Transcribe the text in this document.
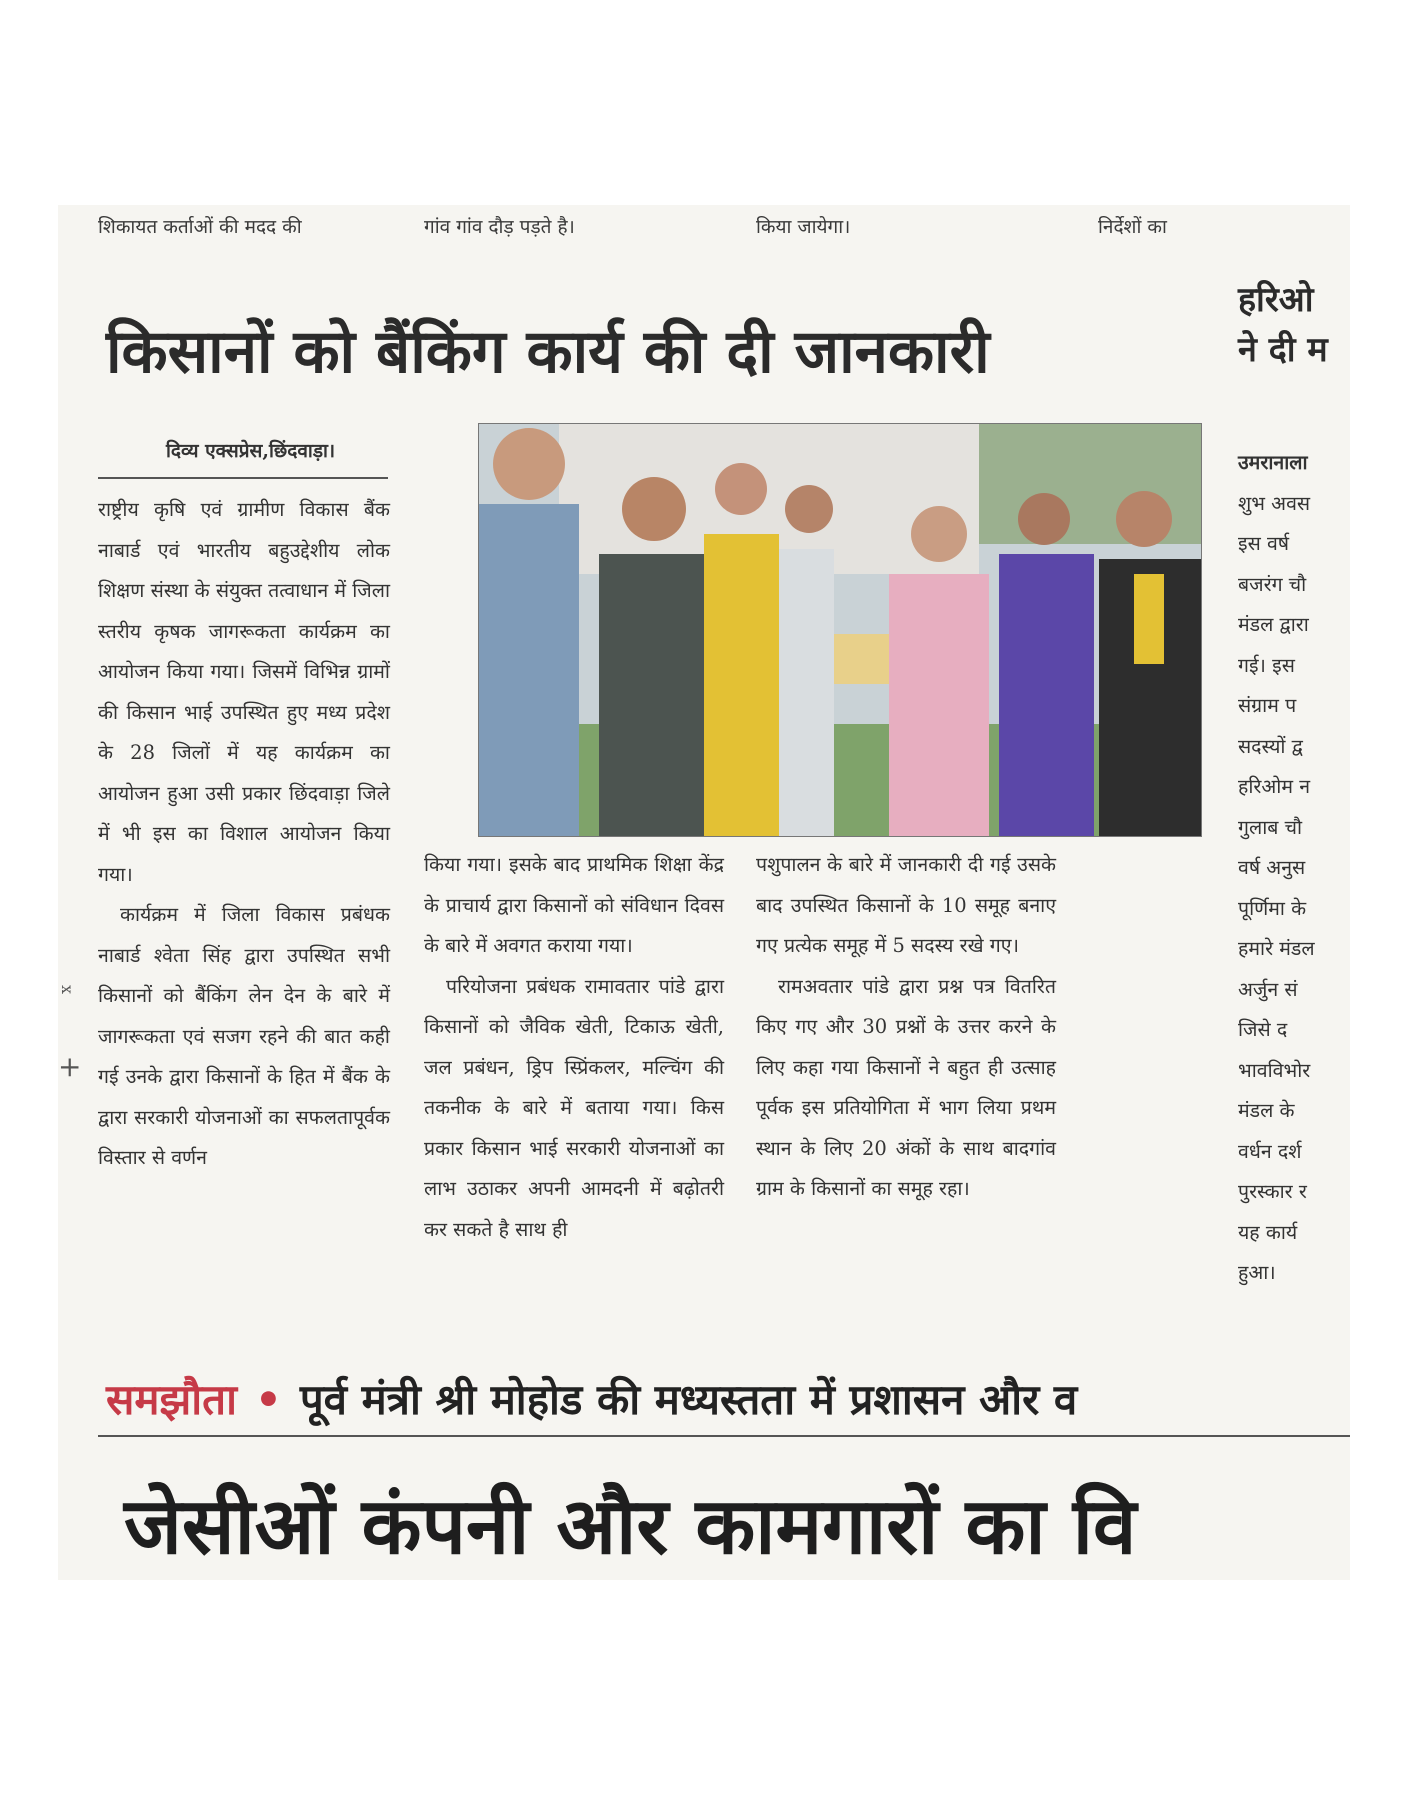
शिकायत कर्ताओं की मदद की	गांव गांव दौड़ पड़ते है।	किया जायेगा।	निर्देशों का
किसानों को बैंकिंग कार्य की दी जानकारी
हरिओ
ने दी म
दिव्य एक्सप्रेस,छिंदवाड़ा।

राष्ट्रीय कृषि एवं ग्रामीण विकास बैंक नाबार्ड एवं भारतीय बहुउद्देशीय लोक शिक्षण संस्था के संयुक्त तत्वाधान में जिला स्तरीय कृषक जागरूकता कार्यक्रम का आयोजन किया गया। जिसमें विभिन्न ग्रामों की किसान भाई उपस्थित हुए मध्य प्रदेश के 28 जिलों में यह कार्यक्रम का आयोजन हुआ उसी प्रकार छिंदवाड़ा जिले में भी इस का विशाल आयोजन किया गया।

कार्यक्रम में जिला विकास प्रबंधक नाबार्ड श्वेता सिंह द्वारा उपस्थित सभी किसानों को बैंकिंग लेन देन के बारे में जागरूकता एवं सजग रहने की बात कही गई उनके द्वारा किसानों के हित में बैंक के द्वारा सरकारी योजनाओं का सफलतापूर्वक विस्तार से वर्णन

किया गया। इसके बाद प्राथमिक शिक्षा केंद्र के प्राचार्य द्वारा किसानों को संविधान दिवस के बारे में अवगत कराया गया।

परियोजना प्रबंधक रामावतार पांडे द्वारा किसानों को जैविक खेती, टिकाऊ खेती, जल प्रबंधन, ड्रिप स्प्रिंकलर, मल्चिंग की तकनीक के बारे में बताया गया। किस प्रकार किसान भाई सरकारी योजनाओं का लाभ उठाकर अपनी आमदनी में बढ़ोतरी कर सकते है साथ ही

पशुपालन के बारे में जानकारी दी गई उसके बाद उपस्थित किसानों के 10 समूह बनाए गए प्रत्येक समूह में 5 सदस्य रखे गए।

रामअवतार पांडे द्वारा प्रश्न पत्र वितरित किए गए और 30 प्रश्नों के उत्तर करने के लिए कहा गया किसानों ने बहुत ही उत्साह पूर्वक इस प्रतियोगिता में भाग लिया प्रथम स्थान के लिए 20 अंकों के साथ बादगांव ग्राम के किसानों का समूह रहा।

उमरानाला
शुभ अवस
इस वर्ष
बजरंग चौ
मंडल द्वारा
गई। इस
संग्राम प
सदस्यों द्व
हरिओम न
गुलाब चौ
वर्ष अनुस
पूर्णिमा के
हमारे मंडल
अर्जुन सं
जिसे द
भावविभोर
मंडल के
वर्धन दर्श
पुरस्कार र
यह कार्य
हुआ।
समझौता • पूर्व मंत्री श्री मोहोड की मध्यस्तता में प्रशासन और व
जेसीओं कंपनी और कामगारों का वि
x
+
